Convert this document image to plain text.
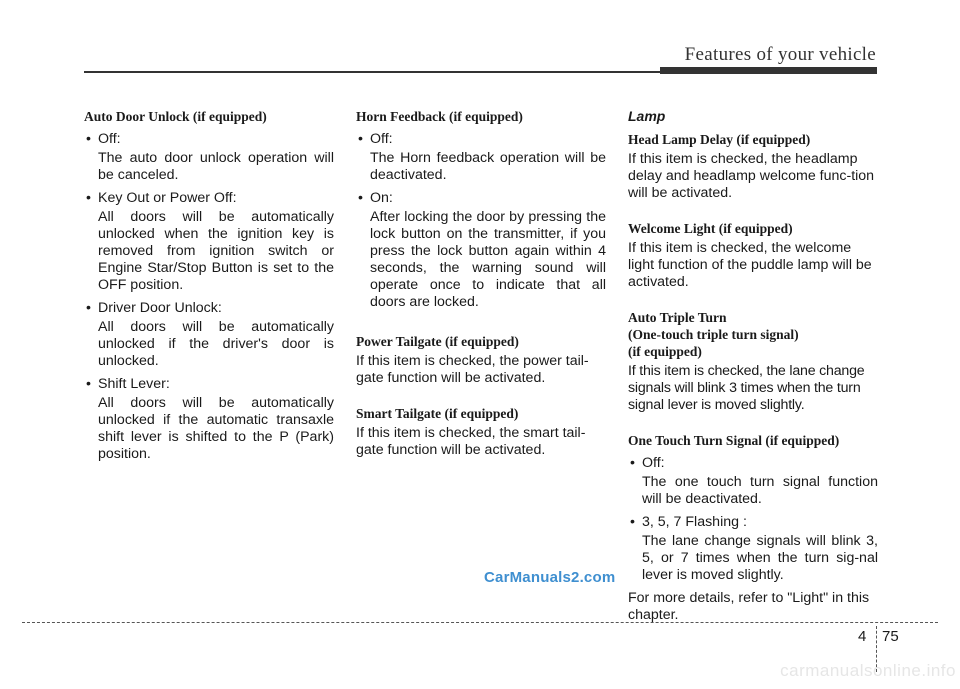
Features of your vehicle

Auto Door Unlock (if equipped)

• Off:
The auto door unlock operation will be canceled.
• Key Out or Power Off:
All doors will be automatically unlocked when the ignition key is removed from ignition switch or Engine Star/Stop Button is set to the OFF position.
• Driver Door Unlock:
All doors will be automatically unlocked if the driver's door is unlocked.
• Shift Lever:
All doors will be automatically unlocked if the automatic transaxle shift lever is shifted to the P (Park) position.

Horn Feedback (if equipped)

• Off:
The Horn feedback operation will be deactivated.
• On:
After locking the door by pressing the lock button on the transmitter, if you press the lock button again within 4 seconds, the warning sound will operate once to indicate that all doors are locked.

Power Tailgate (if equipped)

If this item is checked, the power tail-gate function will be activated.

Smart Tailgate (if equipped)

If this item is checked, the smart tail-gate function will be activated.

Lamp

Head Lamp Delay (if equipped)

If this item is checked, the headlamp delay and headlamp welcome func-tion will be activated.

Welcome Light (if equipped)

If this item is checked, the welcome light function of the puddle lamp will be activated.

Auto Triple Turn

(One-touch triple turn signal)

(if equipped)

If this item is checked, the lane change signals will blink 3 times when the turn signal lever is moved slightly.

One Touch Turn Signal (if equipped)

• Off:
The one touch turn signal function will be deactivated.
• 3, 5, 7 Flashing :
The lane change signals will blink 3, 5, or 7 times when the turn sig-nal lever is moved slightly.

For more details, refer to "Light" in this chapter.

CarManuals2.com
4 75
carmanualsonline.info
